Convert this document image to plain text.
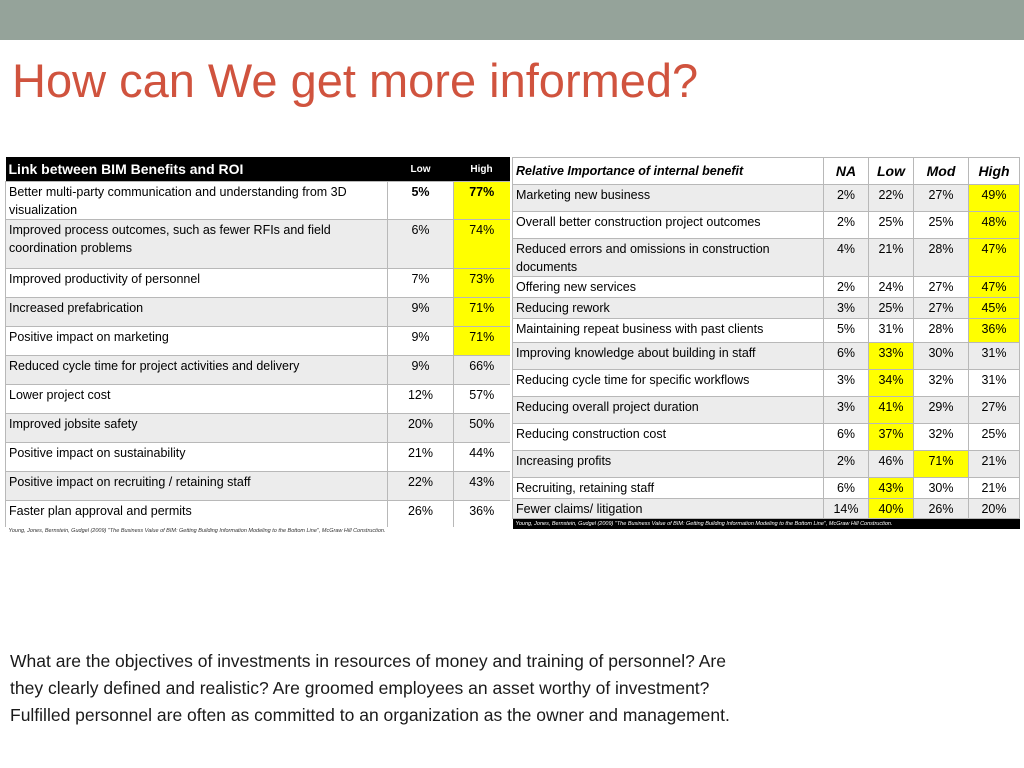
How can We get more informed?
Link between BIM Benefits and ROI	Low	High
Better multi-party communication and understanding from 3D visualization	5%	77%
Improved process outcomes, such as fewer RFIs and field coordination problems	6%	74%
Improved productivity of personnel	7%	73%
Increased prefabrication	9%	71%
Positive impact on marketing	9%	71%
Reduced cycle time for project activities and delivery	9%	66%
Lower project cost	12%	57%
Improved jobsite safety	20%	50%
Positive impact on sustainability	21%	44%
Positive impact on recruiting / retaining staff	22%	43%
Faster plan approval and permits	26%	36%
Young, Jones, Bernstein, Gudgel (2009) "The Business Value of BIM: Getting Building Information Modeling to the Bottom Line", McGraw Hill Construction.		
Relative Importance of internal benefit	NA	Low	Mod	High
Marketing new business	2%	22%	27%	49%
Overall better construction project outcomes	2%	25%	25%	48%
Reduced errors and omissions in construction documents	4%	21%	28%	47%
Offering new services	2%	24%	27%	47%
Reducing rework	3%	25%	27%	45%
Maintaining repeat business with past clients	5%	31%	28%	36%
Improving knowledge about building in staff	6%	33%	30%	31%
Reducing cycle time for specific workflows	3%	34%	32%	31%
Reducing overall project duration	3%	41%	29%	27%
Reducing construction cost	6%	37%	32%	25%
Increasing profits	2%	46%	71%	21%
Recruiting, retaining staff	6%	43%	30%	21%
Fewer claims/ litigation	14%	40%	26%	20%
Young, Jones, Bernstein, Gudgel (2009) "The Business Value of BIM: Getting Building Information Modeling to the Bottom Line", McGraw Hill Construction.				

What are the objectives of investments in resources of money and training of personnel? Are

they clearly defined and realistic? Are groomed employees an asset worthy of investment?

Fulfilled personnel are often as committed to an organization as the owner and management.
